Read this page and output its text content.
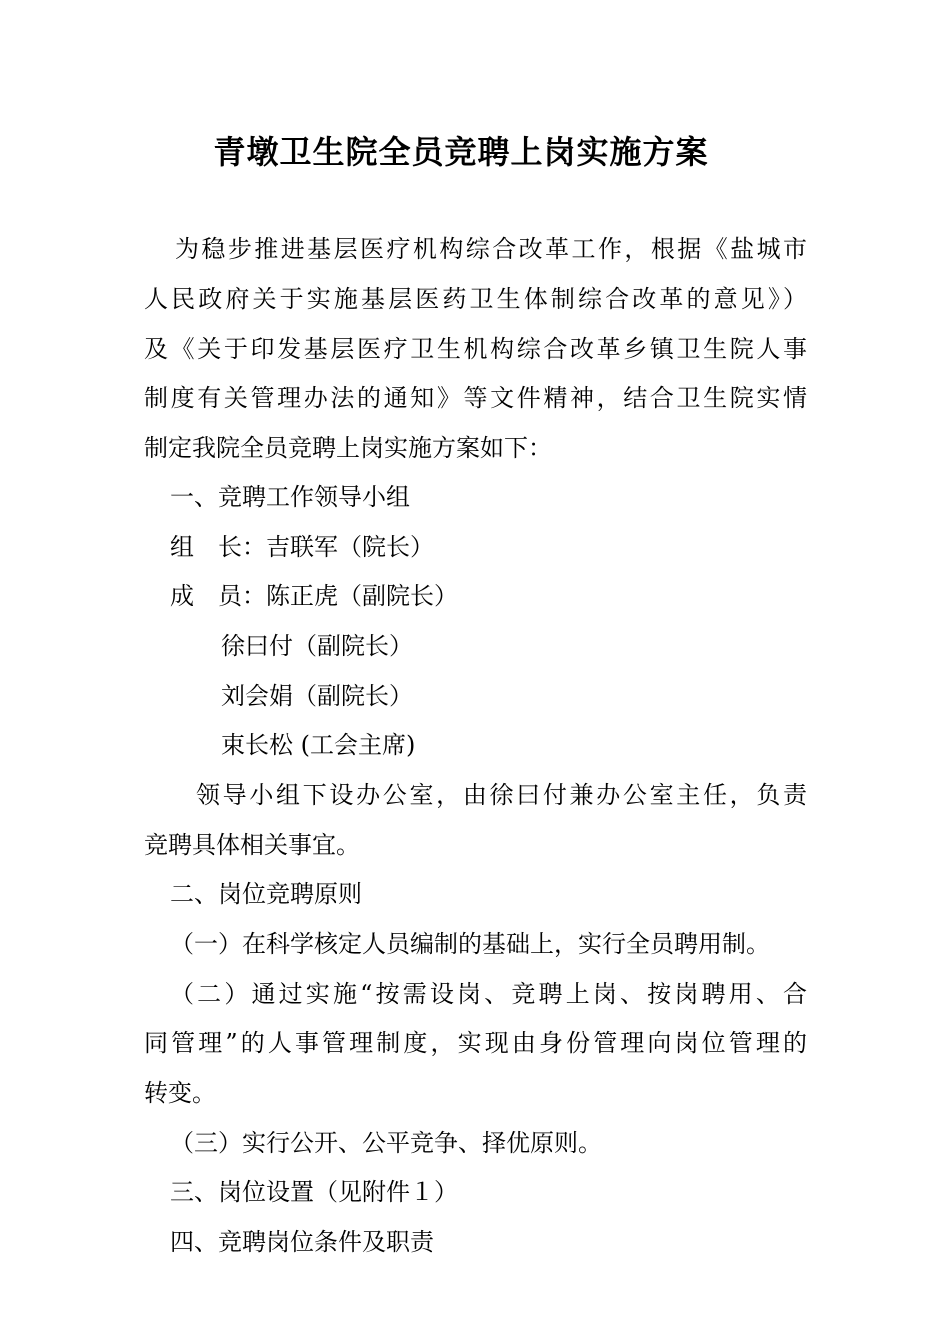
青墩卫生院全员竞聘上岗实施方案
为稳步推进基层医疗机构综合改革工作，根据《盐城市
人民政府关于实施基层医药卫生体制综合改革的意见》）
及《关于印发基层医疗卫生机构综合改革乡镇卫生院人事
制度有关管理办法的通知》等文件精神，结合卫生院实情
制定我院全员竞聘上岗实施方案如下：
一、竞聘工作领导小组
组　长：吉联军（院长）
成　员：陈正虎（副院长）
徐曰付（副院长）
刘会娟（副院长）
束长松 (工会主席)
领导小组下设办公室，由徐曰付兼办公室主任，负责
竞聘具体相关事宜。
二、岗位竞聘原则
（一）在科学核定人员编制的基础上，实行全员聘用制。
（二）通过实施“按需设岗、竞聘上岗、按岗聘用、合
同管理”的人事管理制度，实现由身份管理向岗位管理的
转变。
（三）实行公开、公平竞争、择优原则。
三、岗位设置（见附件１）
四、竞聘岗位条件及职责
